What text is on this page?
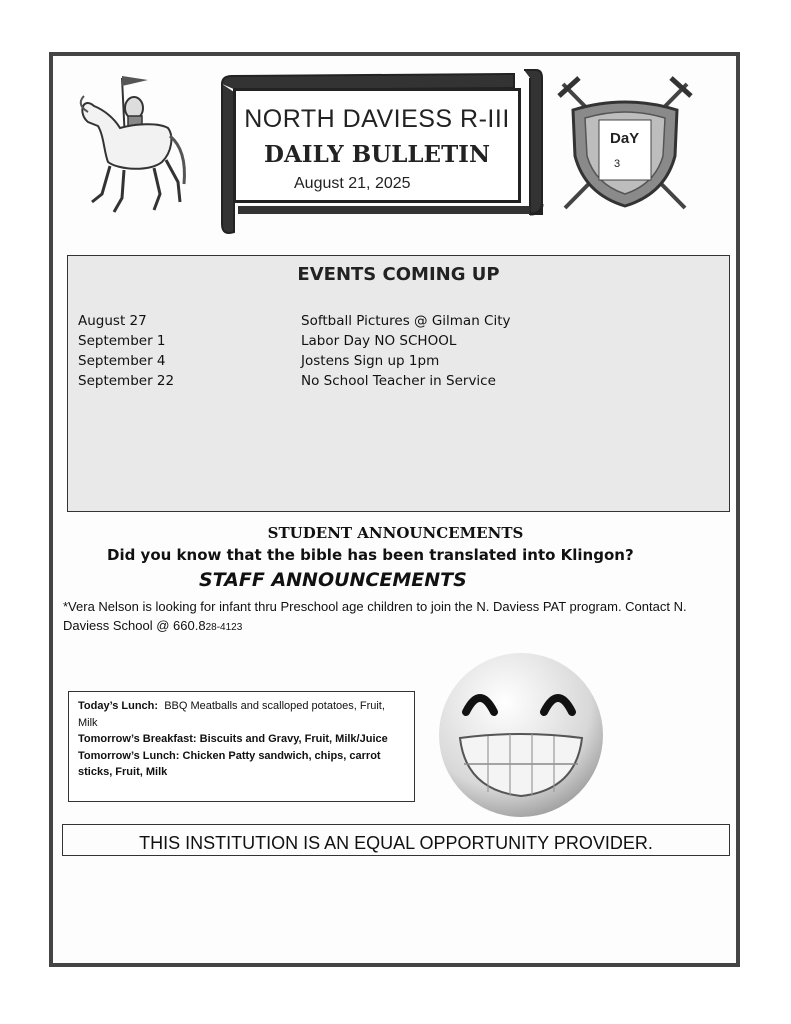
NORTH DAVIESS R-III
DAILY BULLETIN
August 21, 2025
DaY
3
EVENTS COMING UP
August 27	Softball Pictures @ Gilman City
September 1	Labor Day NO SCHOOL
September 4	Jostens Sign up 1pm
September 22	No School Teacher in Service
STUDENT ANNOUNCEMENTS
Did you know that the bible has been translated into Klingon?
STAFF ANNOUNCEMENTS
*Vera Nelson is looking for infant thru Preschool age children to join the N. Daviess PAT program. Contact N. Daviess School @ 660.828-4123
Today’s Lunch: BBQ Meatballs and scalloped potatoes, Fruit, Milk
Tomorrow’s Breakfast: Biscuits and Gravy, Fruit, Milk/Juice
Tomorrow’s Lunch: Chicken Patty sandwich, chips, carrot sticks, Fruit, Milk
THIS INSTITUTION IS AN EQUAL OPPORTUNITY PROVIDER.
